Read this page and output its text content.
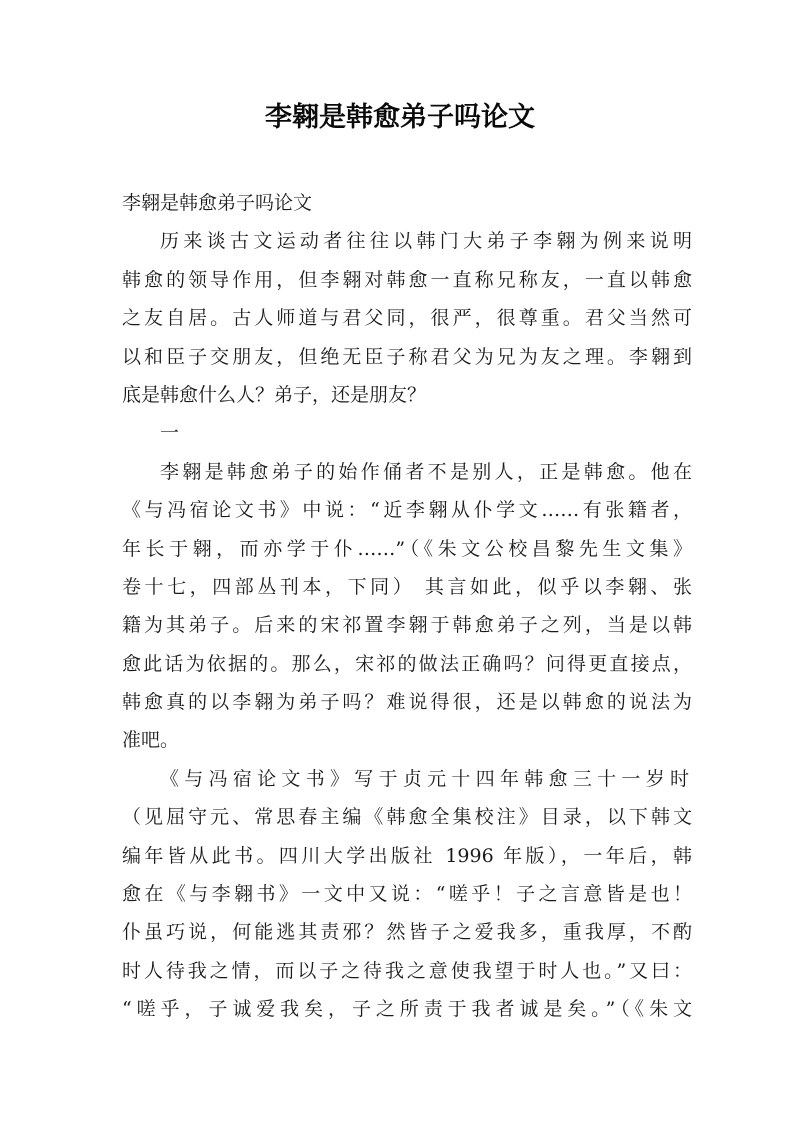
李翱是韩愈弟子吗论文
李翱是韩愈弟子吗论文
历来谈古文运动者往往以韩门大弟子李翱为例来说明
韩愈的领导作用，但李翱对韩愈一直称兄称友，一直以韩愈
之友自居。古人师道与君父同，很严，很尊重。君父当然可
以和臣子交朋友，但绝无臣子称君父为兄为友之理。李翱到
底是韩愈什么人？弟子，还是朋友？
一
李翱是韩愈弟子的始作俑者不是别人，正是韩愈。他在
《与冯宿论文书》中说：“近李翱从仆学文……有张籍者，
年长于翱，而亦学于仆……”（《朱文公校昌黎先生文集》
卷十七，四部丛刊本，下同） 其言如此，似乎以李翱、张
籍为其弟子。后来的宋祁置李翱于韩愈弟子之列，当是以韩
愈此话为依据的。那么，宋祁的做法正确吗？问得更直接点，
韩愈真的以李翱为弟子吗？难说得很，还是以韩愈的说法为
准吧。
《与冯宿论文书》写于贞元十四年韩愈三十一岁时
（见屈守元、常思春主编《韩愈全集校注》目录，以下韩文
编年皆从此书。四川大学出版社 1996 年版），一年后，韩
愈在《与李翱书》一文中又说：“嗟乎！子之言意皆是也！
仆虽巧说，何能逃其责邪？然皆子之爱我多，重我厚，不酌
时人待我之情，而以子之待我之意使我望于时人也。”又曰：
“嗟乎，子诚爱我矣，子之所责于我者诚是矣。”（《朱文
